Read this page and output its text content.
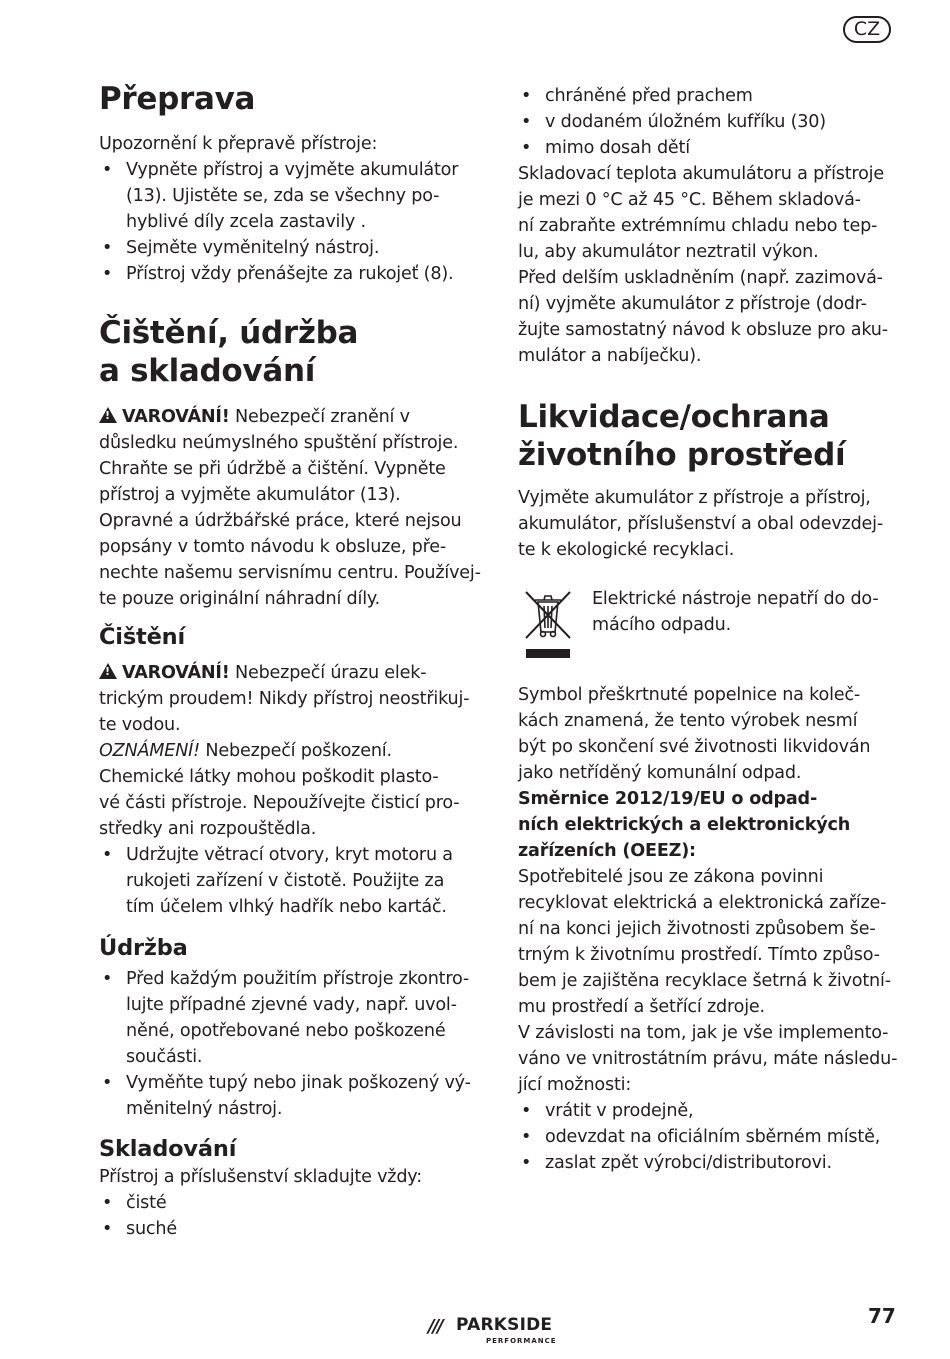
CZ
Přeprava

Upozornění k přepravě přístroje:

• Vypněte přístroj a vyjměte akumulátor
(13). Ujistěte se, zda se všechny po-
hyblivé díly zcela zastavily .
• Sejměte vyměnitelný nástroj.
• Přístroj vždy přenášejte za rukojeť (8).
Čištění, údržba
a skladování
!VAROVÁNÍ! Nebezpečí zranění v
důsledku neúmyslného spuštění přístroje.
Chraňte se při údržbě a čištění. Vypněte
přístroj a vyjměte akumulátor (13).
Opravné a údržbářské práce, které nejsou
popsány v tomto návodu k obsluze, pře-
nechte našemu servisnímu centru. Používej-
te pouze originální náhradní díly.
Čištění
!VAROVÁNÍ! Nebezpečí úrazu elek-
trickým proudem! Nikdy přístroj neostřikuj-
te vodou.
OZNÁMENÍ! Nebezpečí poškození.
Chemické látky mohou poškodit plasto-
vé části přístroje. Nepoužívejte čisticí pro-
středky ani rozpouštědla.
• Udržujte větrací otvory, kryt motoru a
rukojeti zařízení v čistotě. Použijte za
tím účelem vlhký hadřík nebo kartáč.
Údržba
• Před každým použitím přístroje zkontro-
lujte případné zjevné vady, např. uvol-
něné, opotřebované nebo poškozené
součásti.
• Vyměňte tupý nebo jinak poškozený vý-
měnitelný nástroj.
Skladování

Přístroj a příslušenství skladujte vždy:

• čisté
• suché
• chráněné před prachem
• v dodaném úložném kufříku (30)
• mimo dosah dětí
Skladovací teplota akumulátoru a přístroje
je mezi 0 °C až 45 °C. Během skladová-
ní zabraňte extrémnímu chladu nebo tep-
lu, aby akumulátor neztratil výkon.
Před delším uskladněním (např. zazimová-
ní) vyjměte akumulátor z přístroje (dodr-
žujte samostatný návod k obsluze pro aku-
mulátor a nabíječku).
Likvidace/ochrana
životního prostředí
Vyjměte akumulátor z přístroje a přístroj,
akumulátor, příslušenství a obal odevzdej-
te k ekologické recyklaci.
Symbol přeškrtnuté popelnice na koleč-
kách znamená, že tento výrobek nesmí
být po skončení své životnosti likvidován
jako netříděný komunální odpad.
Směrnice 2012/19/EU o odpad-
ních elektrických a elektronických
zařízeních (OEEZ):
Spotřebitelé jsou ze zákona povinni
recyklovat elektrická a elektronická zaříze-
ní na konci jejich životnosti způsobem še-
trným k životnímu prostředí. Tímto způso-
bem je zajištěna recyklace šetrná k životní-
mu prostředí a šetřící zdroje.
V závislosti na tom, jak je vše implemento-
váno ve vnitrostátním právu, máte následu-
jící možnosti:
• vrátit v prodejně,
• odevzdat na oficiálním sběrném místě,
• zaslat zpět výrobci/distributorovi.
Elektrické nástroje nepatří do do-
mácího odpadu.
/// PARKSIDE
PERFORMANCE
77
